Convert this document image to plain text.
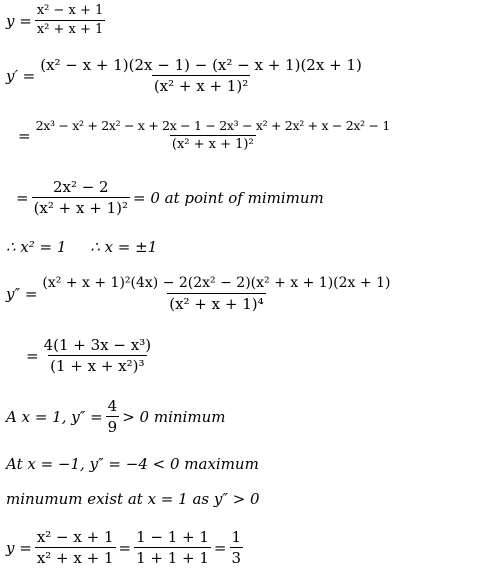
$y = \frac{\text{x² − x + 1}}{\text{x² + x + 1}}$
$y' = \frac{\text{(x² − x + 1)(2x − 1) − (x² − x + 1)(2x + 1)}}{\text{(x² + x + 1)²}}$
= $\frac{\text{2x³ − x² + 2x² − x + 2x − 1 − 2x³ − x² + 2x² + x − 2x² − 1}}{\text{(x² + x + 1)²}}$
= $\frac{\text{2x² − 2}}{\text{(x² + x + 1)²}} = 0$ at point of mimimum
∴ x² = 1     ∴ x = ±1
$y'' = \frac{\text{(x² + x + 1)²(4x) − 2(2x² − 2)(x² + x + 1)(2x + 1)}}{\text{(x² + x + 1)⁴}}$
= $\frac{\text{4(1 + 3x − x³)}}{\text{(1 + x + x²)³}}$
A x = 1, $y'' = \frac{4}{9} > 0$ minimum
At x = −1, y″ = −4 < 0 maximum
minumum exist at x = 1 as y″ > 0
$y = \frac{\text{x² − x + 1}}{\text{x² + x + 1}} = \frac{1 - 1 + 1}{1 + 1 + 1} = \frac{1}{3}$
